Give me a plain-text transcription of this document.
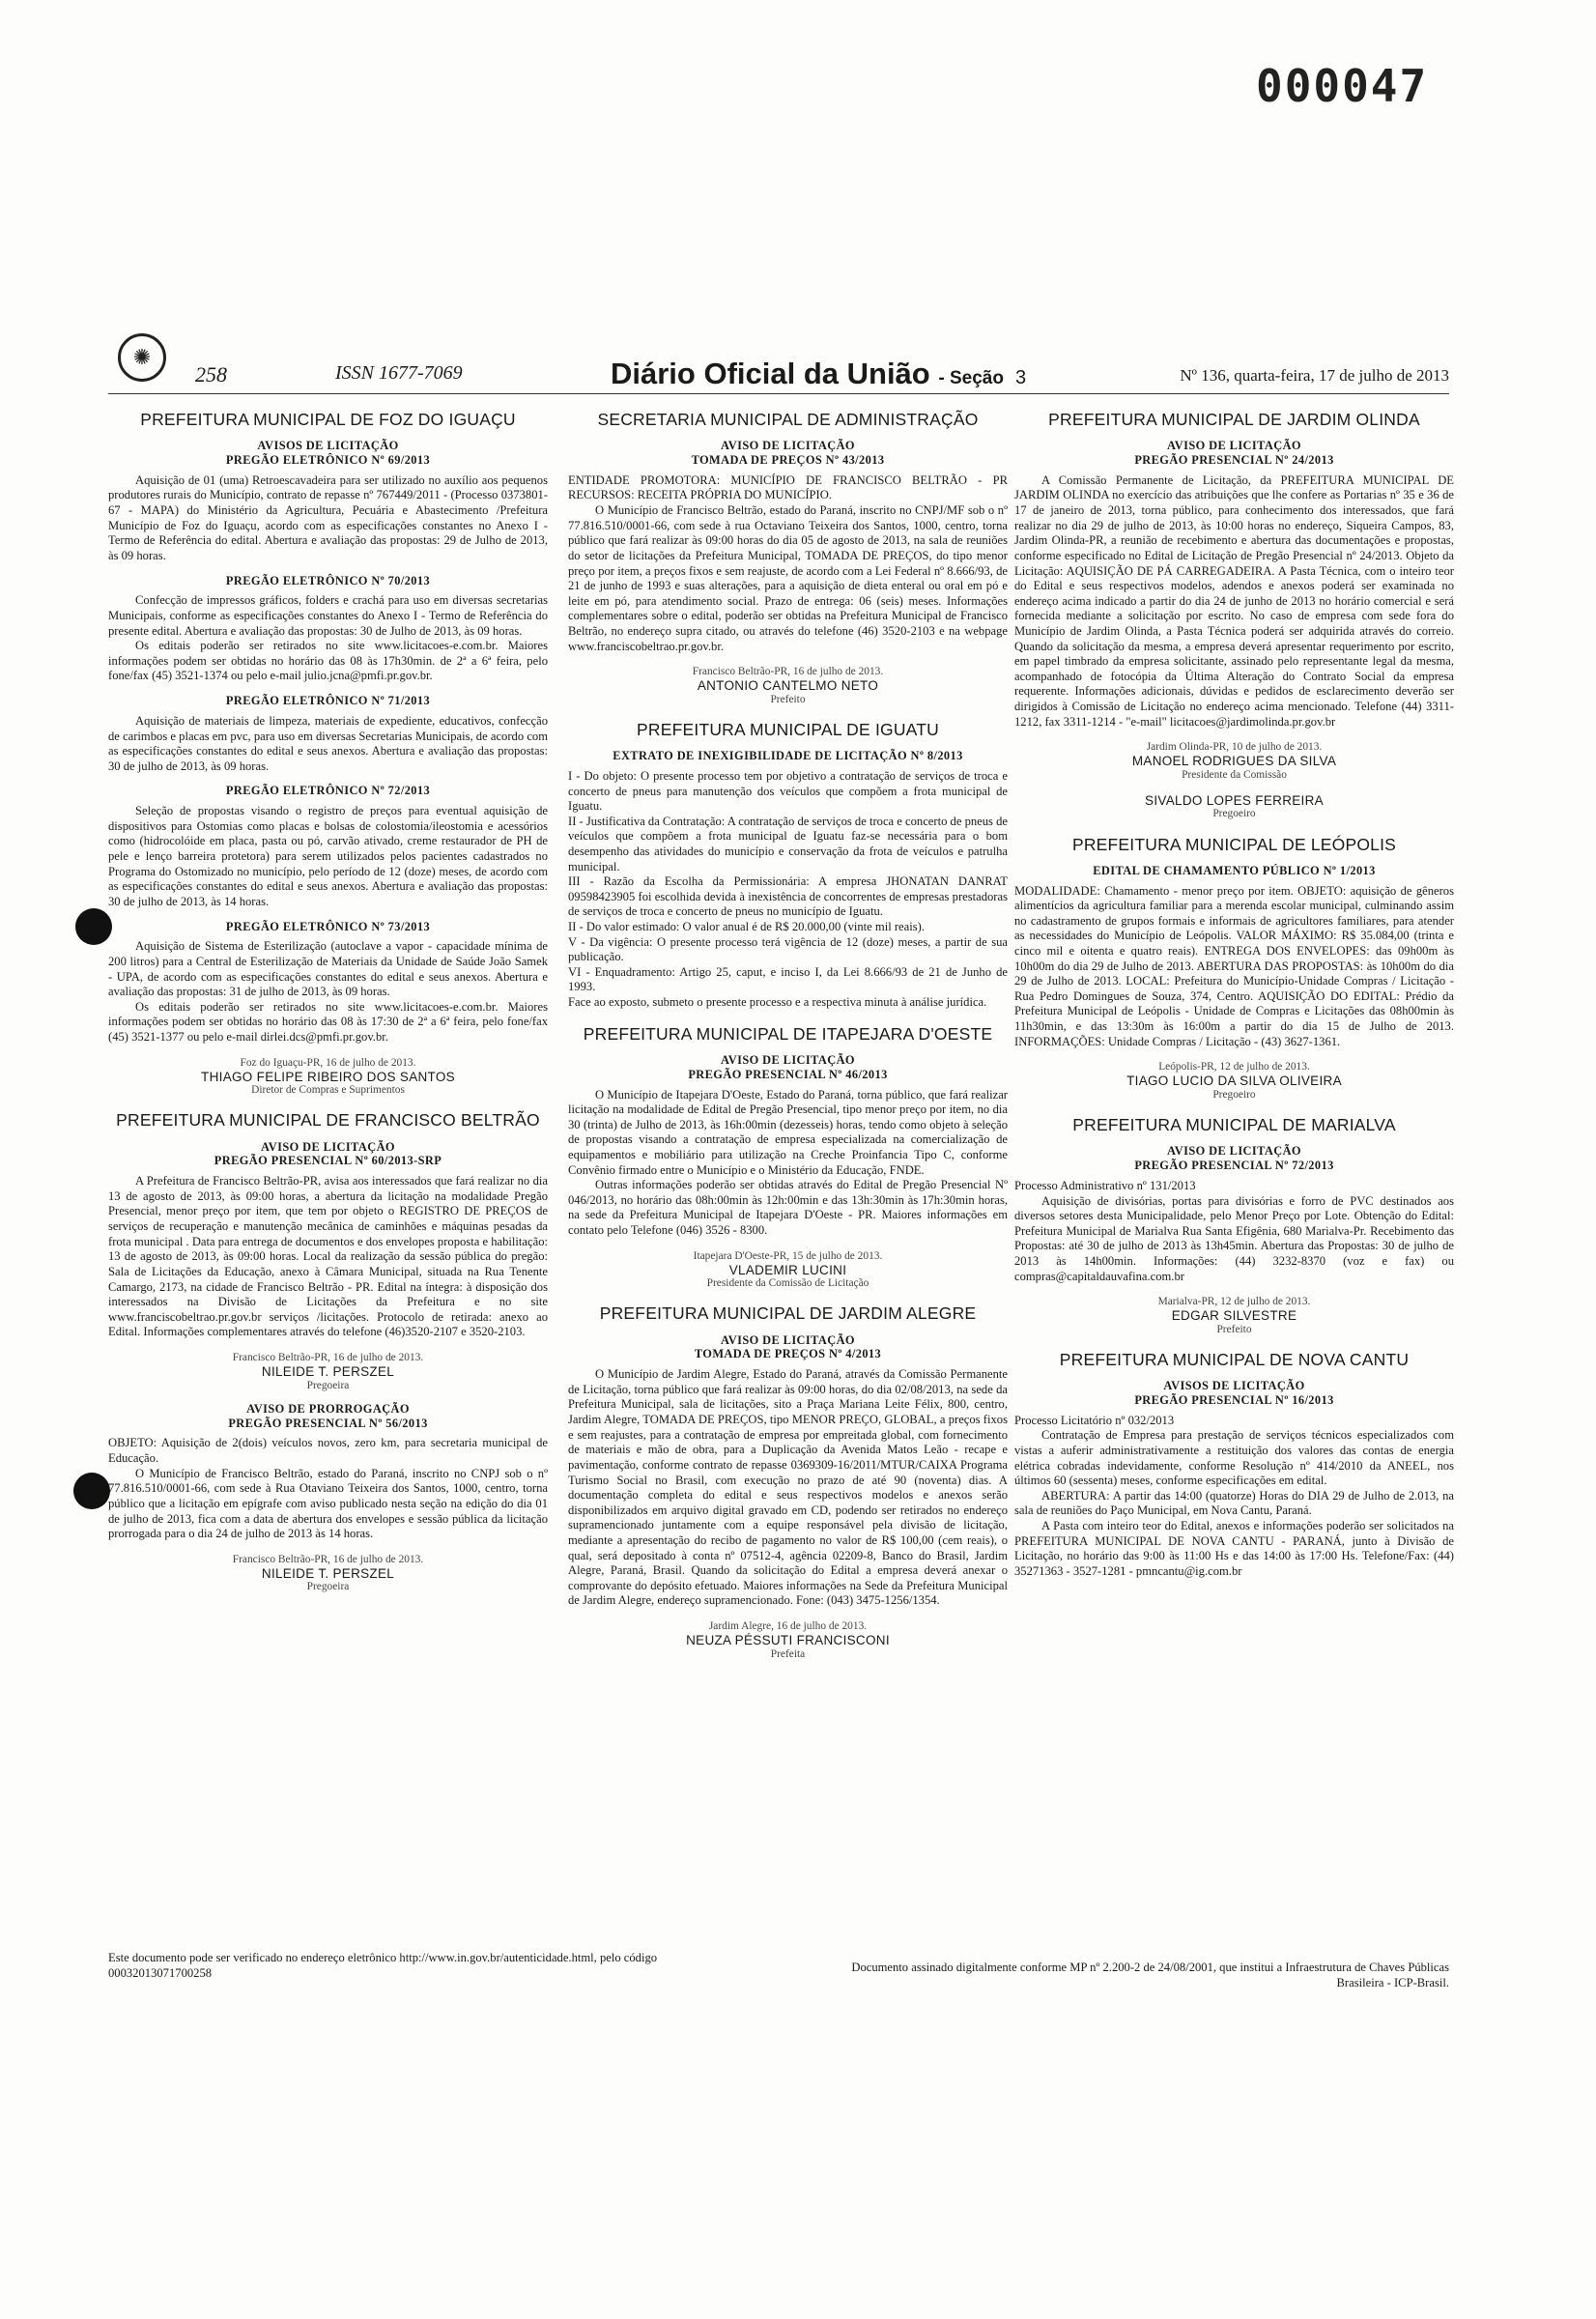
000047
✺
258	ISSN 1677-7069	Diário Oficial da União - Seção 3	Nº 136, quarta-feira, 17 de julho de 2013
PREFEITURA MUNICIPAL DE FOZ DO IGUAÇU
AVISOS DE LICITAÇÃO
PREGÃO ELETRÔNICO Nº 69/2013

Aquisição de 01 (uma) Retroescavadeira para ser utilizado no auxílio aos pequenos produtores rurais do Município, contrato de repasse nº 767449/2011 - (Processo 0373801-67 - MAPA) do Ministério da Agricultura, Pecuária e Abastecimento /Prefeitura Município de Foz do Iguaçu, acordo com as especificações constantes no Anexo I - Termo de Referência do edital. Abertura e avaliação das propostas: 29 de Julho de 2013, às 09 horas.

PREGÃO ELETRÔNICO Nº 70/2013

Confecção de impressos gráficos, folders e crachá para uso em diversas secretarias Municipais, conforme as especificações constantes do Anexo I - Termo de Referência do presente edital. Abertura e avaliação das propostas: 30 de Julho de 2013, às 09 horas.

Os editais poderão ser retirados no site www.licitacoes-e.com.br. Maiores informações podem ser obtidas no horário das 08 às 17h30min. de 2ª a 6ª feira, pelo fone/fax (45) 3521-1374 ou pelo e-mail julio.jcna@pmfi.pr.gov.br.

PREGÃO ELETRÔNICO Nº 71/2013

Aquisição de materiais de limpeza, materiais de expediente, educativos, confecção de carimbos e placas em pvc, para uso em diversas Secretarias Municipais, de acordo com as especificações constantes do edital e seus anexos. Abertura e avaliação das propostas: 30 de julho de 2013, às 09 horas.

PREGÃO ELETRÔNICO Nº 72/2013

Seleção de propostas visando o registro de preços para eventual aquisição de dispositivos para Ostomias como placas e bolsas de colostomia/ileostomia e acessórios como (hidrocolóide em placa, pasta ou pó, carvão ativado, creme restaurador de PH de pele e lenço barreira protetora) para serem utilizados pelos pacientes cadastrados no Programa do Ostomizado no município, pelo período de 12 (doze) meses, de acordo com as especificações constantes do edital e seus anexos. Abertura e avaliação das propostas: 30 de julho de 2013, às 14 horas.

PREGÃO ELETRÔNICO Nº 73/2013

Aquisição de Sistema de Esterilização (autoclave a vapor - capacidade mínima de 200 litros) para a Central de Esterilização de Materiais da Unidade de Saúde João Samek - UPA, de acordo com as especificações constantes do edital e seus anexos. Abertura e avaliação das propostas: 31 de julho de 2013, às 09 horas.

Os editais poderão ser retirados no site www.licitacoes-e.com.br. Maiores informações podem ser obtidas no horário das 08 às 17:30 de 2ª a 6ª feira, pelo fone/fax (45) 3521-1377 ou pelo e-mail dirlei.dcs@pmfi.pr.gov.br.

Foz do Iguaçu-PR, 16 de julho de 2013.
THIAGO FELIPE RIBEIRO DOS SANTOS
Diretor de Compras e Suprimentos
PREFEITURA MUNICIPAL DE FRANCISCO BELTRÃO
AVISO DE LICITAÇÃO
PREGÃO PRESENCIAL Nº 60/2013-SRP

A Prefeitura de Francisco Beltrão-PR, avisa aos interessados que fará realizar no dia 13 de agosto de 2013, às 09:00 horas, a abertura da licitação na modalidade Pregão Presencial, menor preço por item, que tem por objeto o REGISTRO DE PREÇOS de serviços de recuperação e manutenção mecânica de caminhões e máquinas pesadas da frota municipal . Data para entrega de documentos e dos envelopes proposta e habilitação: 13 de agosto de 2013, às 09:00 horas. Local da realização da sessão pública do pregão: Sala de Licitações da Educação, anexo à Câmara Municipal, situada na Rua Tenente Camargo, 2173, na cidade de Francisco Beltrão - PR. Edital na íntegra: à disposição dos interessados na Divisão de Licitações da Prefeitura e no site www.franciscobeltrao.pr.gov.br serviços /licitações. Protocolo de retirada: anexo ao Edital. Informações complementares através do telefone (46)3520-2107 e 3520-2103.

Francisco Beltrão-PR, 16 de julho de 2013.
NILEIDE T. PERSZEL
Pregoeira
AVISO DE PRORROGAÇÃO
PREGÃO PRESENCIAL Nº 56/2013

OBJETO: Aquisição de 2(dois) veículos novos, zero km, para secretaria municipal de Educação.

O Município de Francisco Beltrão, estado do Paraná, inscrito no CNPJ sob o nº 77.816.510/0001-66, com sede à Rua Otaviano Teixeira dos Santos, 1000, centro, torna público que a licitação em epígrafe com aviso publicado nesta seção na edição do dia 01 de julho de 2013, fica com a data de abertura dos envelopes e sessão pública da licitação prorrogada para o dia 24 de julho de 2013 às 14 horas.

Francisco Beltrão-PR, 16 de julho de 2013.
NILEIDE T. PERSZEL
Pregoeira
SECRETARIA MUNICIPAL DE ADMINISTRAÇÃO
AVISO DE LICITAÇÃO
TOMADA DE PREÇOS Nº 43/2013

ENTIDADE PROMOTORA: MUNICÍPIO DE FRANCISCO BELTRÃO - PR RECURSOS: RECEITA PRÓPRIA DO MUNICÍPIO.

O Município de Francisco Beltrão, estado do Paraná, inscrito no CNPJ/MF sob o nº 77.816.510/0001-66, com sede à rua Octaviano Teixeira dos Santos, 1000, centro, torna público que fará realizar às 09:00 horas do dia 05 de agosto de 2013, na sala de reuniões do setor de licitações da Prefeitura Municipal, TOMADA DE PREÇOS, do tipo menor preço por item, a preços fixos e sem reajuste, de acordo com a Lei Federal nº 8.666/93, de 21 de junho de 1993 e suas alterações, para a aquisição de dieta enteral ou oral em pó e leite em pó, para atendimento social. Prazo de entrega: 06 (seis) meses. Informações complementares sobre o edital, poderão ser obtidas na Prefeitura Municipal de Francisco Beltrão, no endereço supra citado, ou através do telefone (46) 3520-2103 e na webpage www.franciscobeltrao.pr.gov.br.

Francisco Beltrão-PR, 16 de julho de 2013.
ANTONIO CANTELMO NETO
Prefeito
PREFEITURA MUNICIPAL DE IGUATU
EXTRATO DE INEXIGIBILIDADE DE LICITAÇÃO Nº 8/2013

I - Do objeto: O presente processo tem por objetivo a contratação de serviços de troca e concerto de pneus para manutenção dos veículos que compõem a frota municipal de Iguatu.

II - Justificativa da Contratação: A contratação de serviços de troca e concerto de pneus de veículos que compõem a frota municipal de Iguatu faz-se necessária para o bom desempenho das atividades do município e conservação da frota de veículos e patrulha municipal.

III - Razão da Escolha da Permissionária: A empresa JHONATAN DANRAT 09598423905 foi escolhida devida à inexistência de concorrentes de empresas prestadoras de serviços de troca e concerto de pneus no município de Iguatu.

II - Do valor estimado: O valor anual é de R$ 20.000,00 (vinte mil reais).

V - Da vigência: O presente processo terá vigência de 12 (doze) meses, a partir de sua publicação.

VI - Enquadramento: Artigo 25, caput, e inciso I, da Lei 8.666/93 de 21 de Junho de 1993.

Face ao exposto, submeto o presente processo e a respectiva minuta à análise jurídica.

PREFEITURA MUNICIPAL DE ITAPEJARA D'OESTE
AVISO DE LICITAÇÃO
PREGÃO PRESENCIAL Nº 46/2013

O Município de Itapejara D'Oeste, Estado do Paraná, torna público, que fará realizar licitação na modalidade de Edital de Pregão Presencial, tipo menor preço por item, no dia 30 (trinta) de Julho de 2013, às 16h:00min (dezesseis) horas, tendo como objeto à seleção de propostas visando a contratação de empresa especializada na comercialização de equipamentos e mobiliário para utilização na Creche Proinfancia Tipo C, conforme Convênio firmado entre o Município e o Ministério da Educação, FNDE.

Outras informações poderão ser obtidas através do Edital de Pregão Presencial Nº 046/2013, no horário das 08h:00min às 12h:00min e das 13h:30min às 17h:30min horas, na sede da Prefeitura Municipal de Itapejara D'Oeste - PR. Maiores informações em contato pelo Telefone (046) 3526 - 8300.

Itapejara D'Oeste-PR, 15 de julho de 2013.
VLADEMIR LUCINI
Presidente da Comissão de Licitação
PREFEITURA MUNICIPAL DE JARDIM ALEGRE
AVISO DE LICITAÇÃO
TOMADA DE PREÇOS Nº 4/2013

O Município de Jardim Alegre, Estado do Paraná, através da Comissão Permanente de Licitação, torna público que fará realizar às 09:00 horas, do dia 02/08/2013, na sede da Prefeitura Municipal, sala de licitações, sito a Praça Mariana Leite Félix, 800, centro, Jardim Alegre, TOMADA DE PREÇOS, tipo MENOR PREÇO, GLOBAL, a preços fixos e sem reajustes, para a contratação de empresa por empreitada global, com fornecimento de materiais e mão de obra, para a Duplicação da Avenida Matos Leão - recape e pavimentação, conforme contrato de repasse 0369309-16/2011/MTUR/CAIXA Programa Turismo Social no Brasil, com execução no prazo de até 90 (noventa) dias. A documentação completa do edital e seus respectivos modelos e anexos serão disponibilizados em arquivo digital gravado em CD, podendo ser retirados no endereço supramencionado juntamente com a equipe responsável pela divisão de licitação, mediante a apresentação do recibo de pagamento no valor de R$ 100,00 (cem reais), o qual, será depositado à conta nº 07512-4, agência 02209-8, Banco do Brasil, Jardim Alegre, Paraná, Brasil. Quando da solicitação do Edital a empresa deverá anexar o comprovante do depósito efetuado. Maiores informações na Sede da Prefeitura Municipal de Jardim Alegre, endereço supramencionado. Fone: (043) 3475-1256/1354.

Jardim Alegre, 16 de julho de 2013.
NEUZA PÉSSUTI FRANCISCONI
Prefeita
PREFEITURA MUNICIPAL DE JARDIM OLINDA
AVISO DE LICITAÇÃO
PREGÃO PRESENCIAL Nº 24/2013

A Comissão Permanente de Licitação, da PREFEITURA MUNICIPAL DE JARDIM OLINDA no exercício das atribuições que lhe confere as Portarias nº 35 e 36 de 17 de janeiro de 2013, torna público, para conhecimento dos interessados, que fará realizar no dia 29 de julho de 2013, às 10:00 horas no endereço, Siqueira Campos, 83, Jardim Olinda-PR, a reunião de recebimento e abertura das documentações e propostas, conforme especificado no Edital de Licitação de Pregão Presencial nº 24/2013. Objeto da Licitação: AQUISIÇÃO DE PÁ CARREGADEIRA. A Pasta Técnica, com o inteiro teor do Edital e seus respectivos modelos, adendos e anexos poderá ser examinada no endereço acima indicado a partir do dia 24 de junho de 2013 no horário comercial e será fornecida mediante a solicitação por escrito. No caso de empresa com sede fora do Município de Jardim Olinda, a Pasta Técnica poderá ser adquirida através do correio. Quando da solicitação da mesma, a empresa deverá apresentar requerimento por escrito, em papel timbrado da empresa solicitante, assinado pelo representante legal da mesma, acompanhado de fotocópia da Última Alteração do Contrato Social da empresa requerente. Informações adicionais, dúvidas e pedidos de esclarecimento deverão ser dirigidos à Comissão de Licitação no endereço acima mencionado. Telefone (44) 3311-1212, fax 3311-1214 - "e-mail" licitacoes@jardimolinda.pr.gov.br

Jardim Olinda-PR, 10 de julho de 2013.
MANOEL RODRIGUES DA SILVA
Presidente da Comissão
SIVALDO LOPES FERREIRA
Pregoeiro
PREFEITURA MUNICIPAL DE LEÓPOLIS
EDITAL DE CHAMAMENTO PÚBLICO Nº 1/2013

MODALIDADE: Chamamento - menor preço por item. OBJETO: aquisição de gêneros alimentícios da agricultura familiar para a merenda escolar municipal, culminando assim no cadastramento de grupos formais e informais de agricultores familiares, para atender as necessidades do Município de Leópolis. VALOR MÁXIMO: R$ 35.084,00 (trinta e cinco mil e oitenta e quatro reais). ENTREGA DOS ENVELOPES: das 09h00m às 10h00m do dia 29 de Julho de 2013. ABERTURA DAS PROPOSTAS: às 10h00m do dia 29 de Julho de 2013. LOCAL: Prefeitura do Município-Unidade Compras / Licitação - Rua Pedro Domingues de Souza, 374, Centro. AQUISIÇÃO DO EDITAL: Prédio da Prefeitura Municipal de Leópolis - Unidade de Compras e Licitações das 08h00min às 11h30min, e das 13:30m às 16:00m a partir do dia 15 de Julho de 2013. INFORMAÇÕES: Unidade Compras / Licitação - (43) 3627-1361.

Leópolis-PR, 12 de julho de 2013.
TIAGO LUCIO DA SILVA OLIVEIRA
Pregoeiro
PREFEITURA MUNICIPAL DE MARIALVA
AVISO DE LICITAÇÃO
PREGÃO PRESENCIAL Nº 72/2013

Processo Administrativo nº 131/2013

Aquisição de divisórias, portas para divisórias e forro de PVC destinados aos diversos setores desta Municipalidade, pelo Menor Preço por Lote. Obtenção do Edital: Prefeitura Municipal de Marialva Rua Santa Efigênia, 680 Marialva-Pr. Recebimento das Propostas: até 30 de julho de 2013 às 13h45min. Abertura das Propostas: 30 de julho de 2013 às 14h00min. Informações: (44) 3232-8370 (voz e fax) ou compras@capitaldauvafina.com.br

Marialva-PR, 12 de julho de 2013.
EDGAR SILVESTRE
Prefeito
PREFEITURA MUNICIPAL DE NOVA CANTU
AVISOS DE LICITAÇÃO
PREGÃO PRESENCIAL Nº 16/2013

Processo Licitatório nº 032/2013

Contratação de Empresa para prestação de serviços técnicos especializados com vistas a auferir administrativamente a restituição dos valores das contas de energia elétrica cobradas indevidamente, conforme Resolução nº 414/2010 da ANEEL, nos últimos 60 (sessenta) meses, conforme especificações em edital.

ABERTURA: A partir das 14:00 (quatorze) Horas do DIA 29 de Julho de 2.013, na sala de reuniões do Paço Municipal, em Nova Cantu, Paraná.

A Pasta com inteiro teor do Edital, anexos e informações poderão ser solicitados na PREFEITURA MUNICIPAL DE NOVA CANTU - PARANÁ, junto à Divisão de Licitação, no horário das 9:00 às 11:00 Hs e das 14:00 às 17:00 Hs. Telefone/Fax: (44) 35271363 - 3527-1281 - pmncantu@ig.com.br

Este documento pode ser verificado no endereço eletrônico http://www.in.gov.br/autenticidade.html, pelo código 00032013071700258	Documento assinado digitalmente conforme MP nº 2.200-2 de 24/08/2001, que institui a Infraestrutura de Chaves Públicas Brasileira - ICP-Brasil.
